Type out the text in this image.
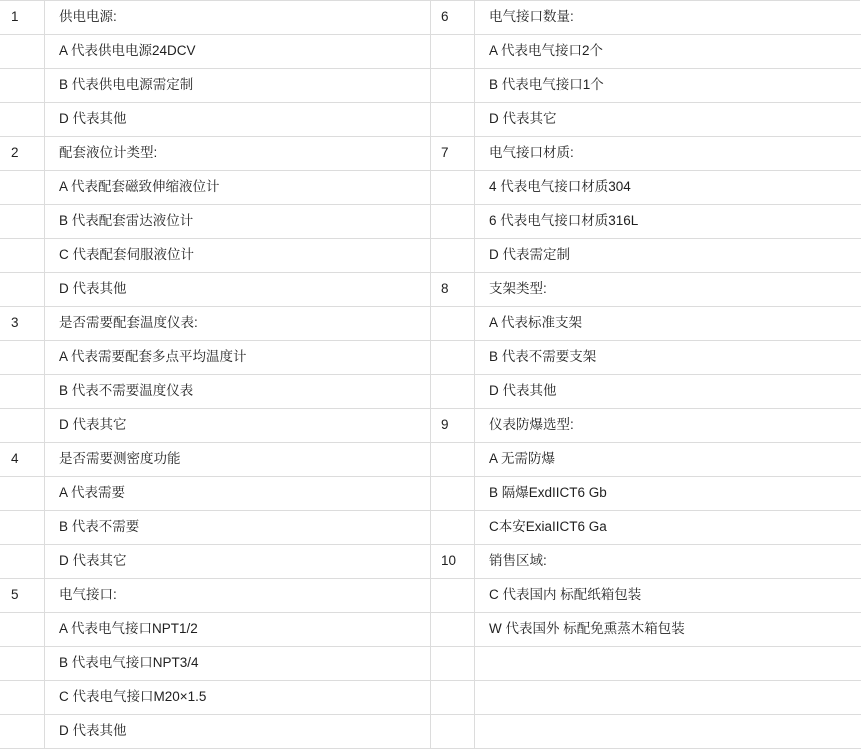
1	供电电源:	6	电气接口数量:
	A 代表供电电源24DCV		A 代表电气接口2个
	B 代表供电电源需定制		B 代表电气接口1个
	D 代表其他		D 代表其它
2	配套液位计类型:	7	电气接口材质:
	A 代表配套磁致伸缩液位计		4 代表电气接口材质304
	B 代表配套雷达液位计		6 代表电气接口材质316L
	C 代表配套伺服液位计		D 代表需定制
	D 代表其他	8	支架类型:
3	是否需要配套温度仪表:		A 代表标准支架
	A 代表需要配套多点平均温度计		B 代表不需要支架
	B 代表不需要温度仪表		D 代表其他
	D 代表其它	9	仪表防爆选型:
4	是否需要测密度功能		A 无需防爆
	A 代表需要		B 隔爆ExdIICT6 Gb
	B 代表不需要		C本安ExiaIICT6 Ga
	D 代表其它	10	销售区域:
5	电气接口:		C 代表国内 标配纸箱包装
	A 代表电气接口NPT1/2		W 代表国外 标配免熏蒸木箱包装
	B 代表电气接口NPT3/4		
	C 代表电气接口M20×1.5		
	D 代表其他		
